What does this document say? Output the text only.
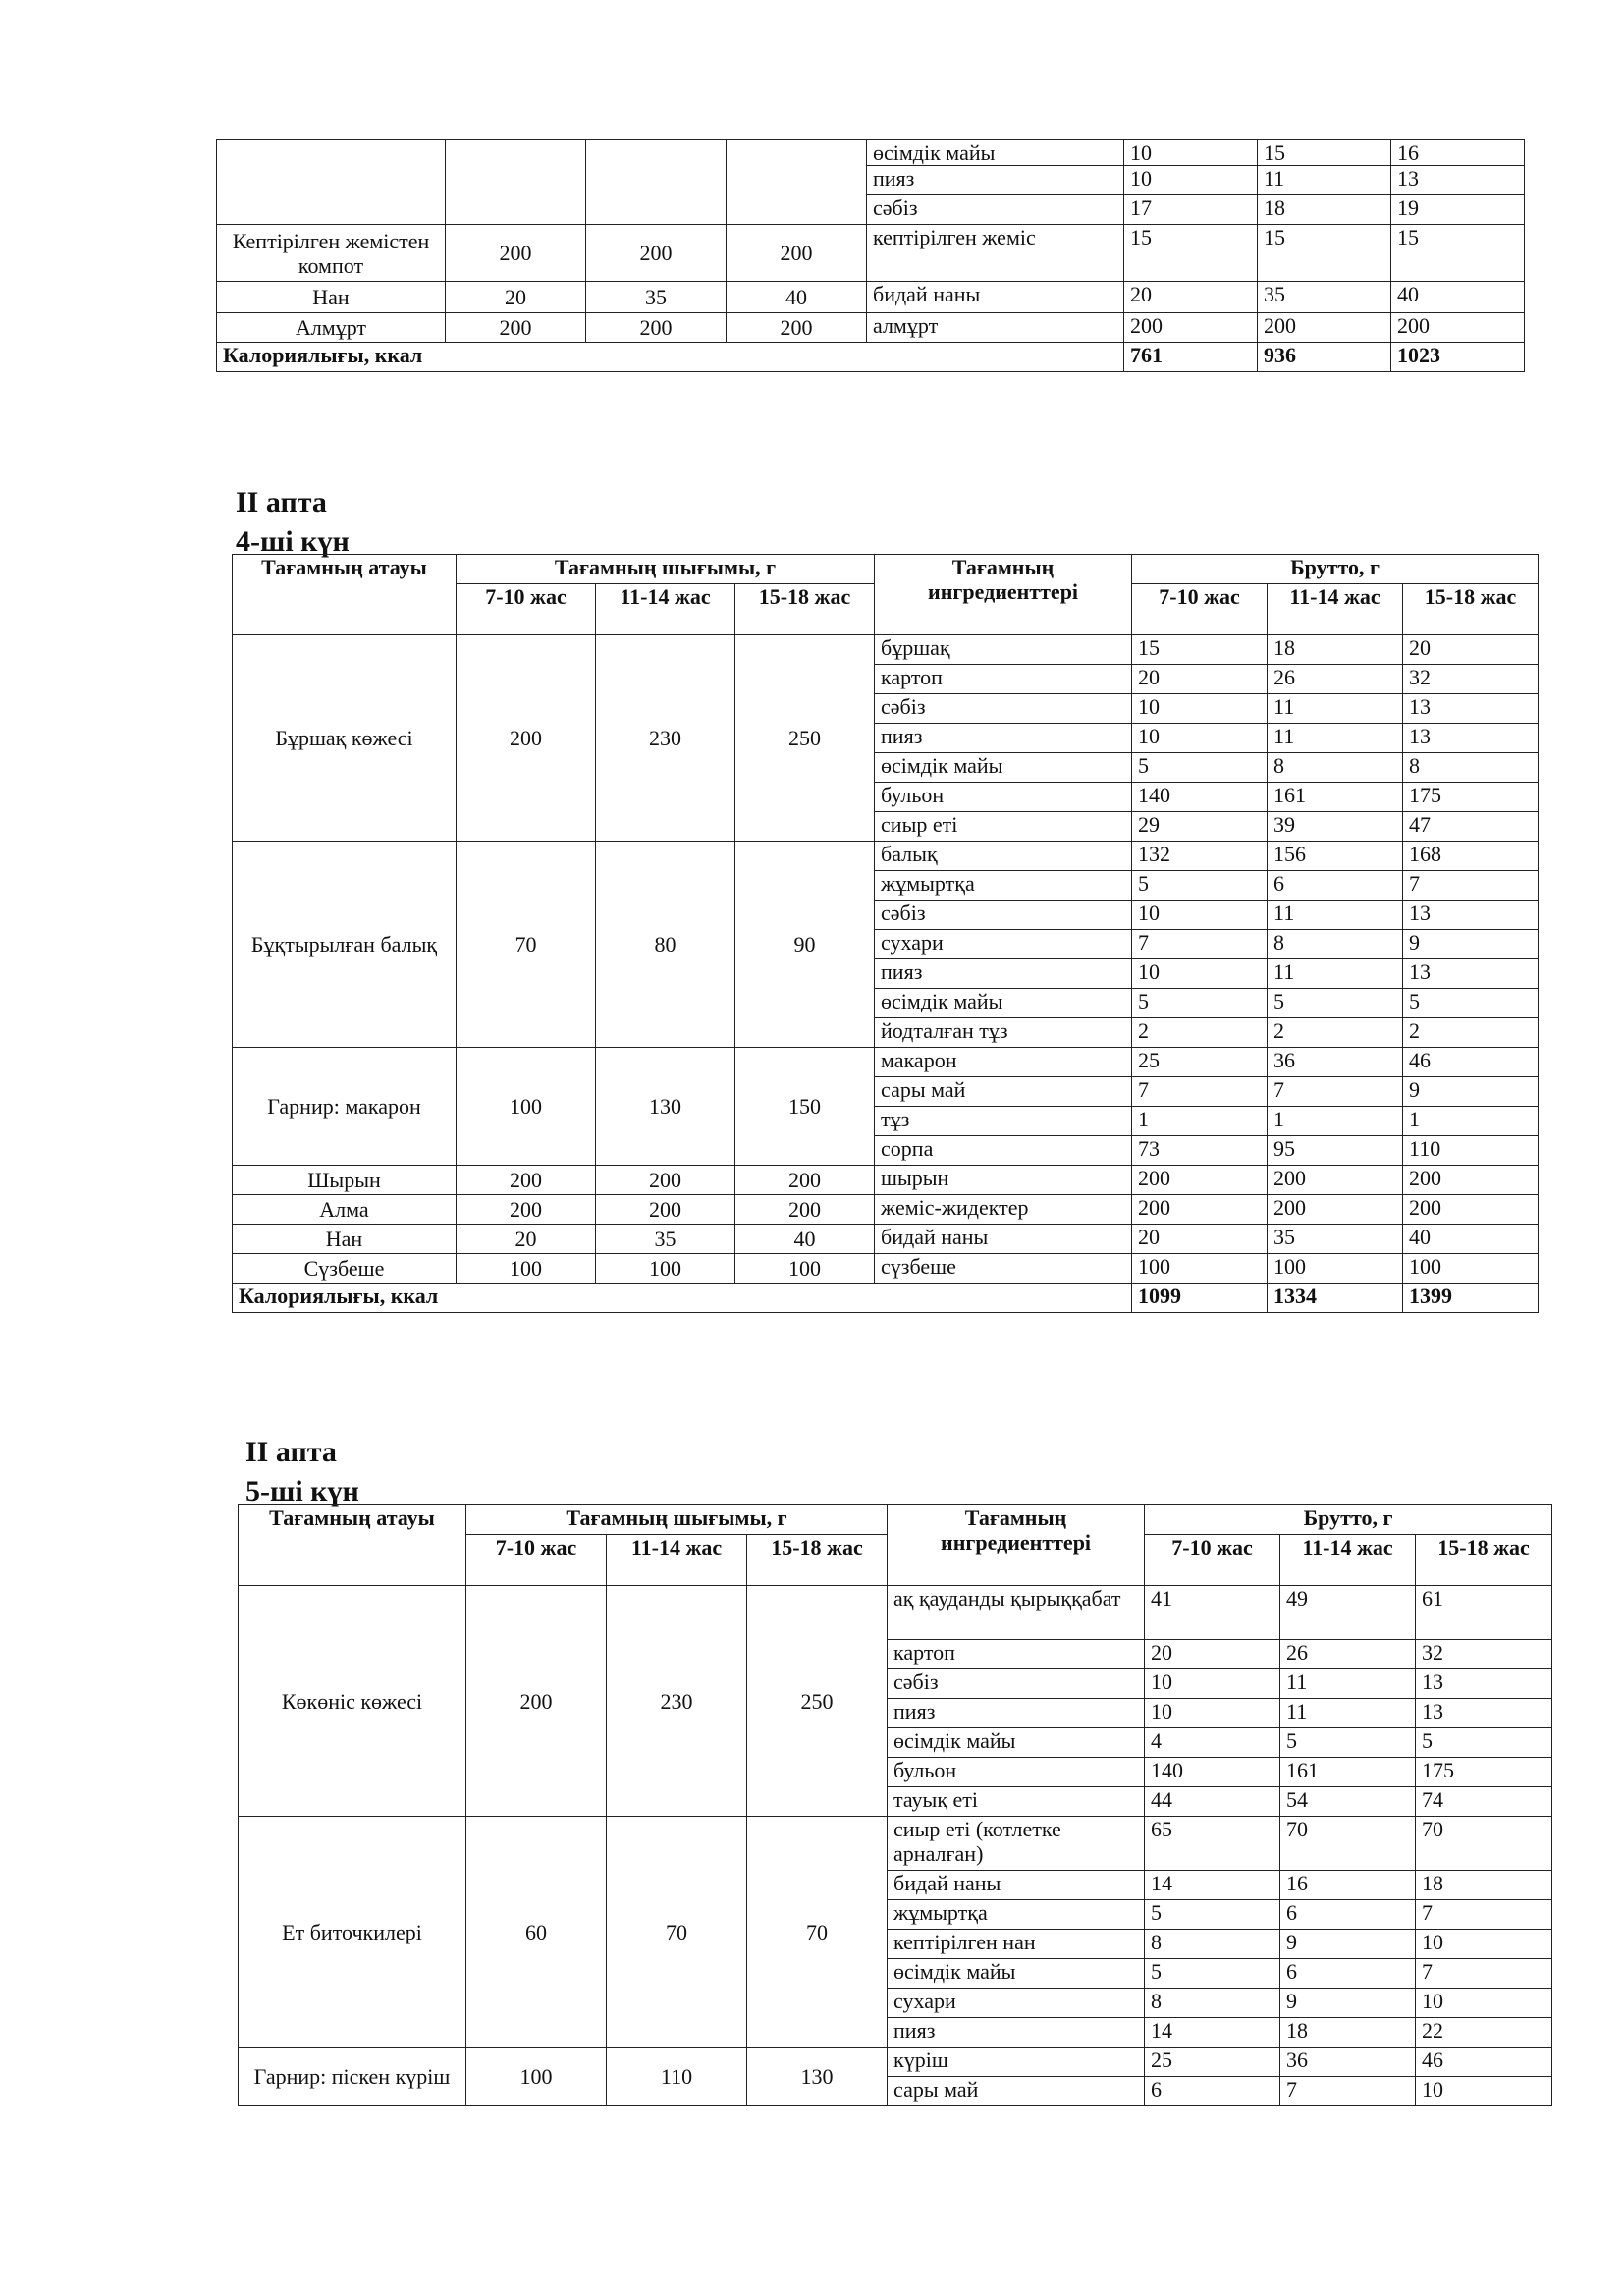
				өсімдік майы	10	15	16
				пияз	10	11	13
				сәбіз	17	18	19
Кептірілген жемістен компот	200	200	200	кептірілген жеміс	15	15	15
Нан	20	35	40	бидай наны	20	35	40
Алмұрт	200	200	200	алмұрт	200	200	200
Калориялығы, ккал					761	936	1023
II апта
4-ші күн
Тағамның атауы	Тағамның шығымы, г			Тағамның ингредиенттері	Брутто, г		
	7-10 жас	11-14 жас	15-18 жас		7-10 жас	11-14 жас	15-18 жас
Бұршақ көжесі	200	230	250	бұршақ	15	18	20
				картоп	20	26	32
				сәбіз	10	11	13
				пияз	10	11	13
				өсімдік майы	5	8	8
				бульон	140	161	175
				сиыр еті	29	39	47
Бұқтырылған балық	70	80	90	балық	132	156	168
				жұмыртқа	5	6	7
				сәбіз	10	11	13
				сухари	7	8	9
				пияз	10	11	13
				өсімдік майы	5	5	5
				йодталған тұз	2	2	2
Гарнир: макарон	100	130	150	макарон	25	36	46
				сары май	7	7	9
				тұз	1	1	1
				сорпа	73	95	110
Шырын	200	200	200	шырын	200	200	200
Алма	200	200	200	жеміс-жидектер	200	200	200
Нан	20	35	40	бидай наны	20	35	40
Сүзбеше	100	100	100	сүзбеше	100	100	100
Калориялығы, ккал					1099	1334	1399
II апта
5-ші күн
Тағамның атауы	Тағамның шығымы, г			Тағамның ингредиенттері	Брутто, г		
	7-10 жас	11-14 жас	15-18 жас		7-10 жас	11-14 жас	15-18 жас
Көкөніс көжесі	200	230	250	ақ қауданды қырыққабат	41	49	61
				картоп	20	26	32
				сәбіз	10	11	13
				пияз	10	11	13
				өсімдік майы	4	5	5
				бульон	140	161	175
				тауық еті	44	54	74
Ет биточкилері	60	70	70	сиыр еті (котлетке арналған)	65	70	70
				бидай наны	14	16	18
				жұмыртқа	5	6	7
				кептірілген нан	8	9	10
				өсімдік майы	5	6	7
				сухари	8	9	10
				пияз	14	18	22
Гарнир: піскен күріш	100	110	130	күріш	25	36	46
				сары май	6	7	10
